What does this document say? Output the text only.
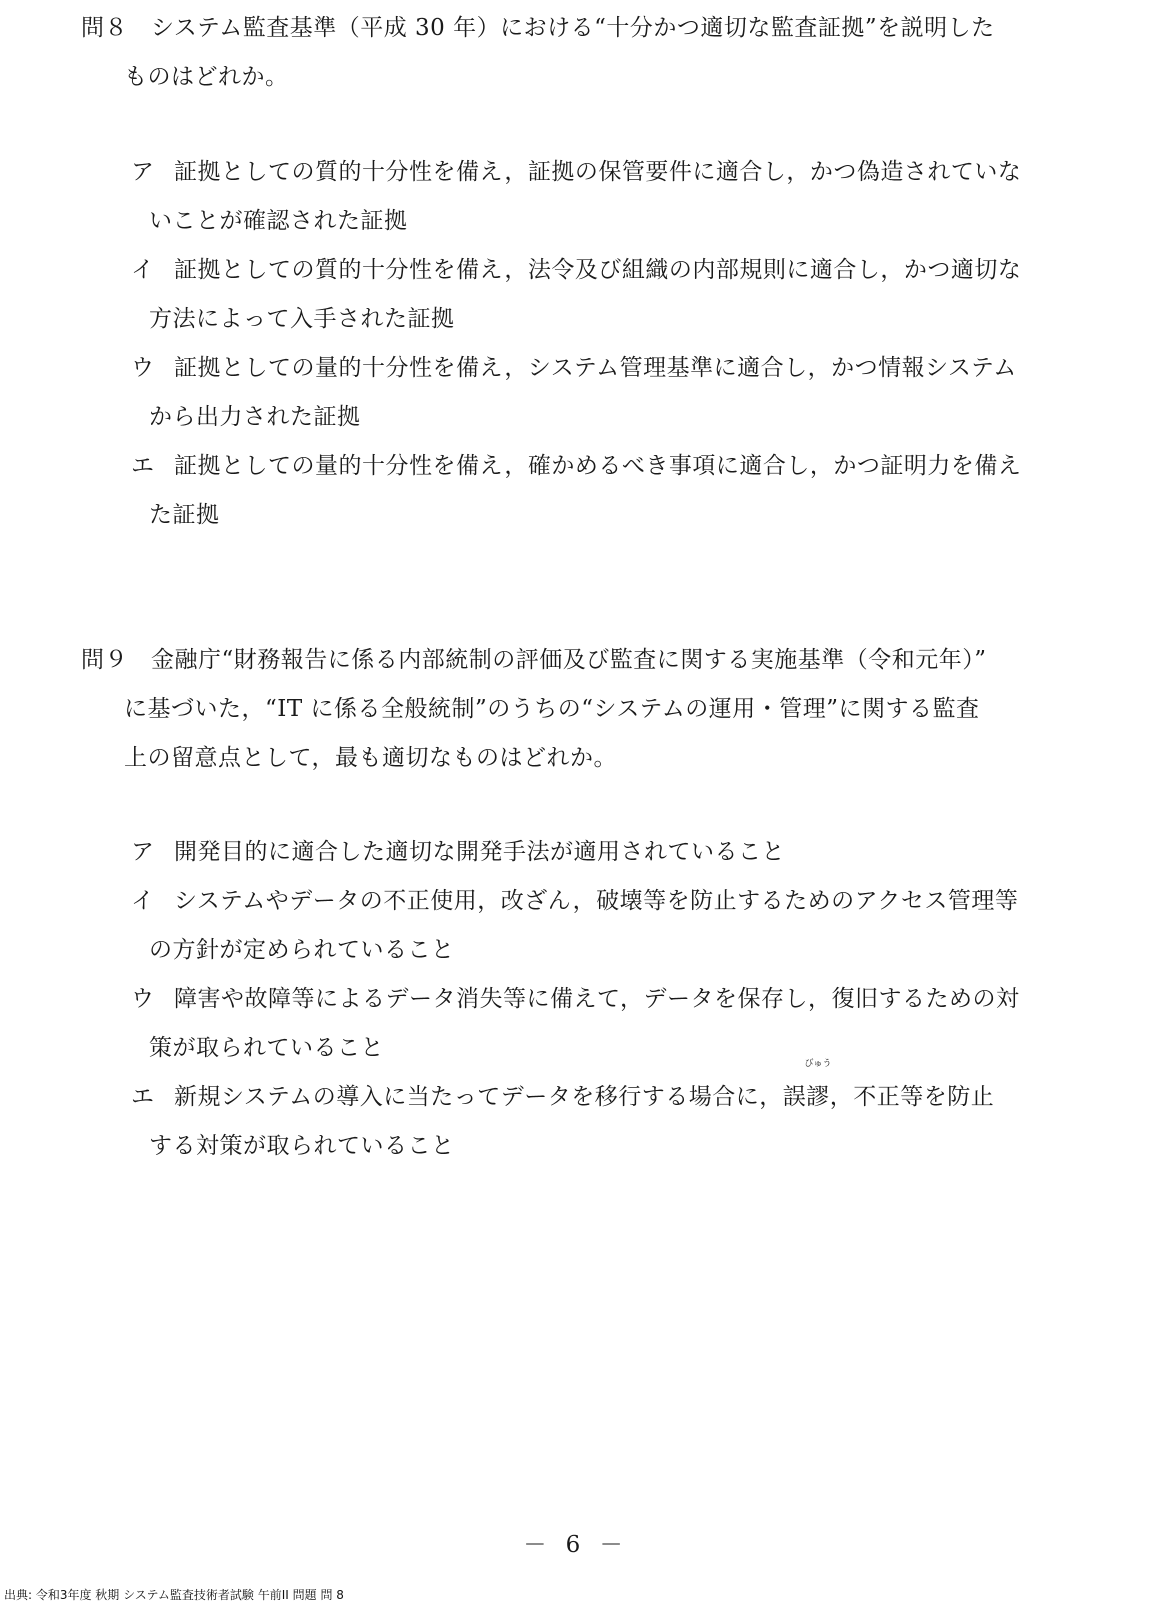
問８ システム監査基準（平成 30 年）における“十分かつ適切な監査証拠”を説明した
ものはどれか。
ア 証拠としての質的十分性を備え，証拠の保管要件に適合し，かつ偽造されていな
いことが確認された証拠
イ 証拠としての質的十分性を備え，法令及び組織の内部規則に適合し，かつ適切な
方法によって入手された証拠
ウ 証拠としての量的十分性を備え，システム管理基準に適合し，かつ情報システム
から出力された証拠
エ 証拠としての量的十分性を備え，確かめるべき事項に適合し，かつ証明力を備え
た証拠
問９ 金融庁“財務報告に係る内部統制の評価及び監査に関する実施基準（令和元年）”
に基づいた，“IT に係る全般統制”のうちの“システムの運用・管理”に関する監査
上の留意点として，最も適切なものはどれか。
ア 開発目的に適合した適切な開発手法が適用されていること
イ システムやデータの不正使用，改ざん，破壊等を防止するためのアクセス管理等
の方針が定められていること
ウ 障害や故障等によるデータ消失等に備えて，データを保存し，復旧するための対
策が取られていること
エ 新規システムの導入に当たってデータを移行する場合に，誤
びゅう
謬，不正等を防止
する対策が取られていること
－ 6 －
出典: 令和3年度 秋期 システム監査技術者試験 午前II 問題 問 8
